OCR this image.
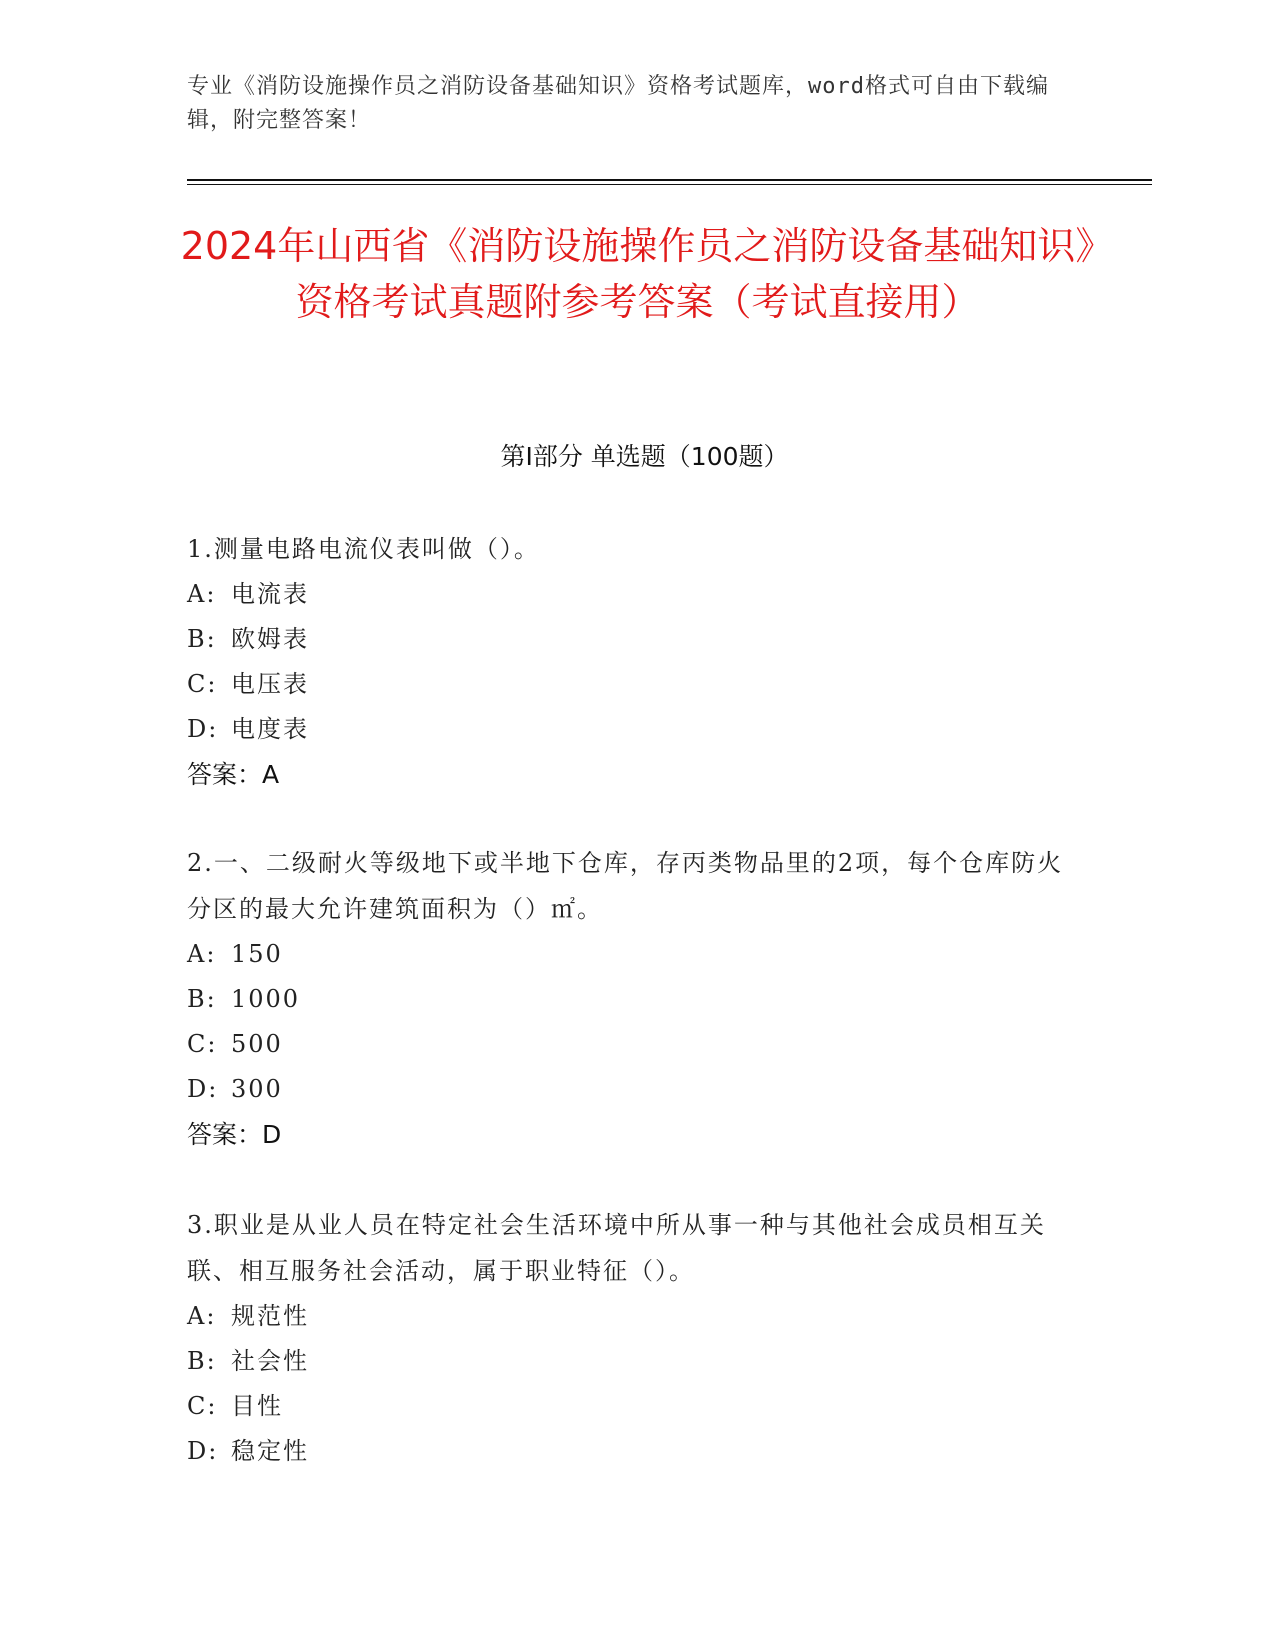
专业《消防设施操作员之消防设备基础知识》资格考试题库，word格式可自由下载编辑，附完整答案！
2024年山西省《消防设施操作员之消防设备基础知识》资格考试真题附参考答案（考试直接用）
第Ⅰ部分 单选题（100题）
1.测量电路电流仪表叫做（）。
A: 电流表
B: 欧姆表
C: 电压表
D: 电度表
答案：A
2.一、二级耐火等级地下或半地下仓库，存丙类物品里的2项，每个仓库防火分区的最大允许建筑面积为（）㎡。
A: 150
B: 1000
C: 500
D: 300
答案：D
3.职业是从业人员在特定社会生活环境中所从事一种与其他社会成员相互关联、相互服务社会活动，属于职业特征（）。
A: 规范性
B: 社会性
C: 目性
D: 稳定性
